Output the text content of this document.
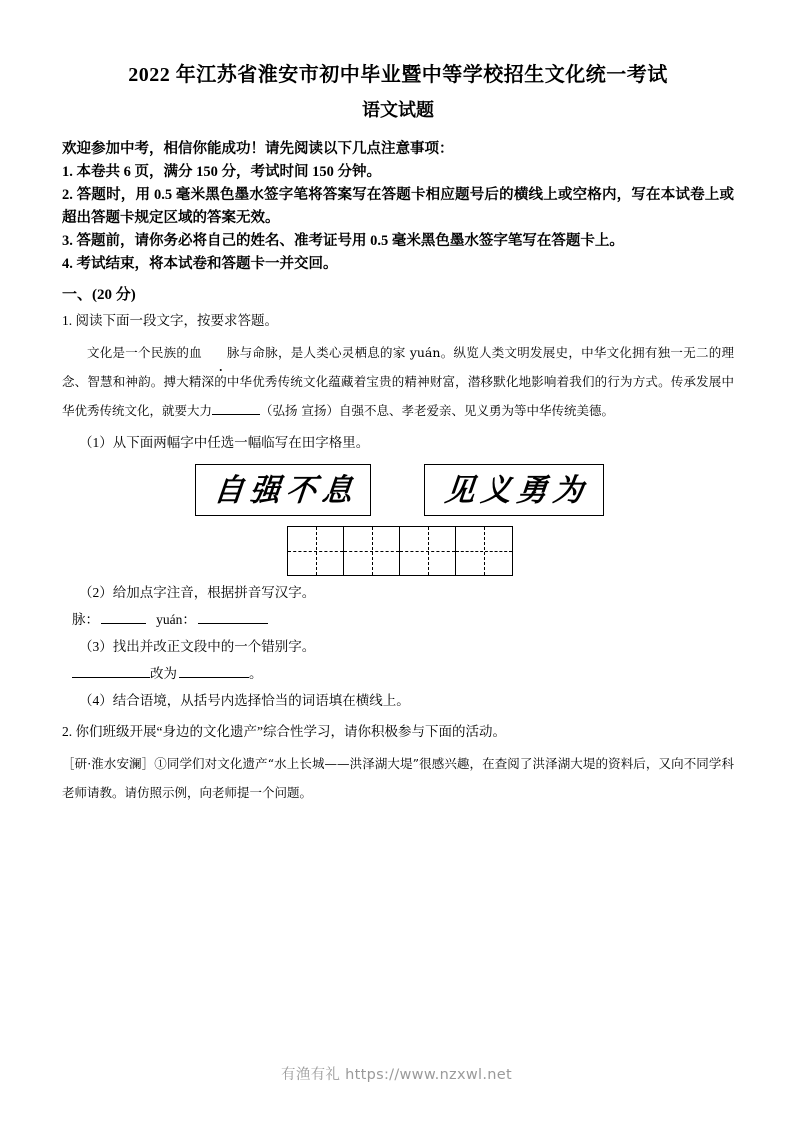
2022 年江苏省淮安市初中毕业暨中等学校招生文化统一考试
语文试题

欢迎参加中考，相信你能成功！请先阅读以下几点注意事项：

1. 本卷共 6 页，满分 150 分，考试时间 150 分钟。

2. 答题时，用 0.5 毫米黑色墨水签字笔将答案写在答题卡相应题号后的横线上或空格内，写在本试卷上或超出答题卡规定区域的答案无效。

3. 答题前，请你务必将自己的姓名、准考证号用 0.5 毫米黑色墨水签字笔写在答题卡上。

4. 考试结束，将本试卷和答题卡一并交回。

一、(20 分)

1. 阅读下面一段文字，按要求答题。

文化是一个民族的血 脉与命脉，是人类心灵栖息的家 yuán。纵览人类文明发展史，中华文化拥有独一无二的理念、智慧和神韵。搏大精深的中华优秀传统文化蕴藏着宝贵的精神财富，潜移默化地影响着我们的行为方式。传承发展中华优秀传统文化，就要大力	（弘扬 宣扬）自强不息、孝老爱亲、见义勇为等中华传统美德。

（1）从下面两幅字中任选一幅临写在田字格里。

自强不息	见义勇为

（2）给加点字注音，根据拼音写汉字。

脉：	yuán：

（3）找出并改正文段中的一个错别字。

改为	。

（4）结合语境，从括号内选择恰当的词语填在横线上。

2. 你们班级开展“身边的文化遗产”综合性学习，请你积极参与下面的活动。

［研·淮水安澜］①同学们对文化遗产“水上长城——洪泽湖大堤”很感兴趣，在查阅了洪泽湖大堤的资料后，又向不同学科老师请教。请仿照示例，向老师提一个问题。

有渔有礼 https://www.nzxwl.net
